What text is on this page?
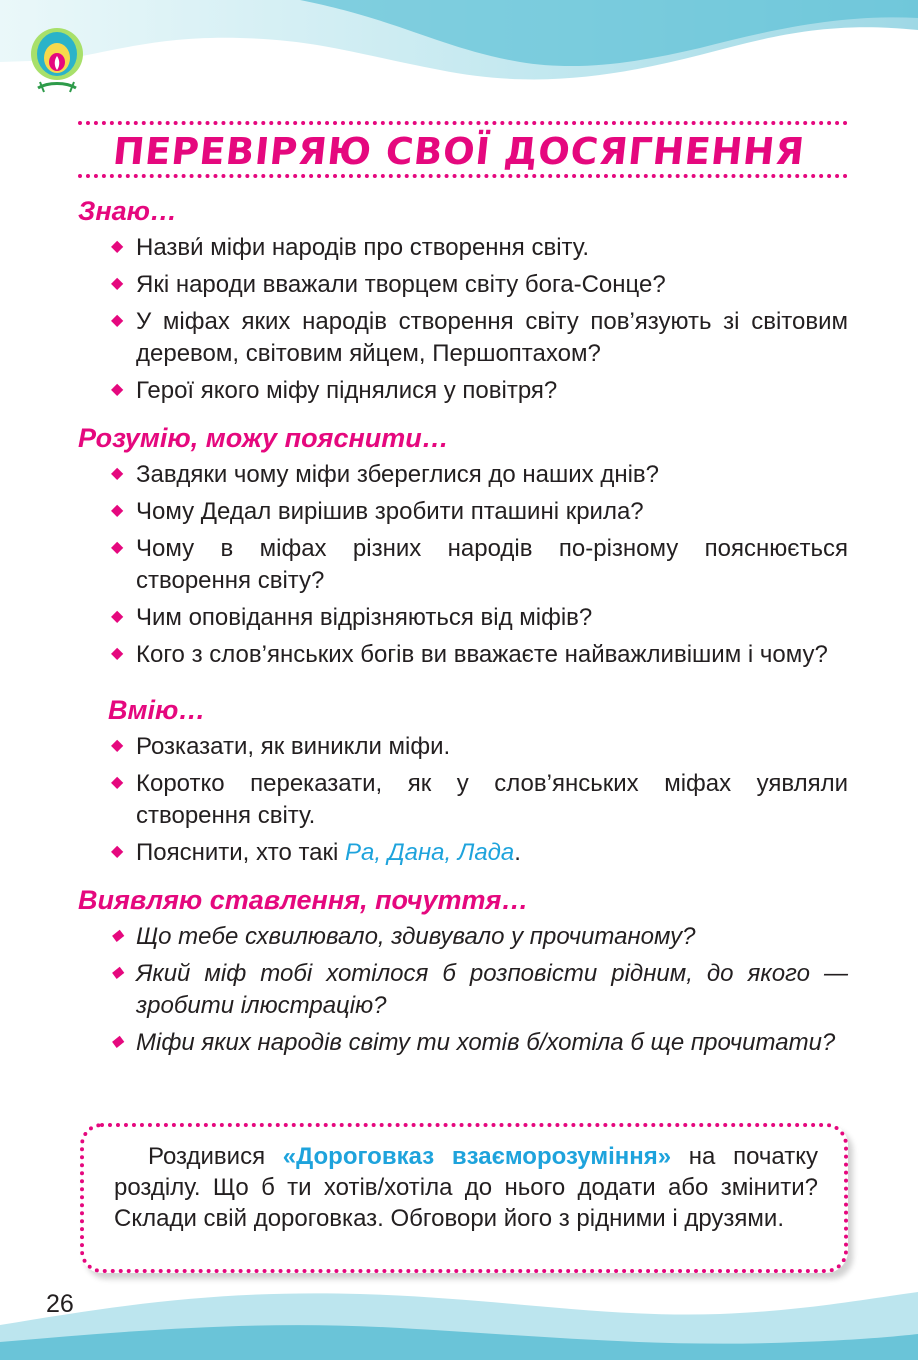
ПЕРЕВІРЯЮ СВОЇ ДОСЯГНЕННЯ
Знаю…
◆ Назви́ міфи народів про створення світу.
◆ Які народи вважали творцем світу бога-Сонце?
◆ У міфах яких народів створення світу пов’язують зі світовим деревом, світовим яйцем, Першоптахом?
◆ Герої якого міфу піднялися у повітря?
Розумію, можу пояснити…
◆ Завдяки чому міфи збереглися до наших днів?
◆ Чому Дедал вирішив зробити пташині крила?
◆ Чому в міфах різних народів по-різному пояснюється створення світу?
◆ Чим оповідання відрізняються від міфів?
◆ Кого з слов’янських богів ви вважаєте найважливішим і чому?
Вмію…
◆ Розказати, як виникли міфи.
◆ Коротко переказати, як у слов’янських міфах уявляли створення світу.
◆ Пояснити, хто такі Ра, Дана, Лада.
Виявляю ставлення, почуття…
◆ Що тебе схвилювало, здивувало у прочитаному?
◆ Який міф тобі хотілося б розповісти рідним, до якого — зробити ілюстрацію?
◆ Міфи яких народів світу ти хотів б/хотіла б ще прочитати?
Роздивися «Дороговказ взаєморозуміння» на початку розділу. Що б ти хотів/хотіла до нього додати або змінити? Склади свій дороговказ. Обговори його з рідними і друзями.
26
